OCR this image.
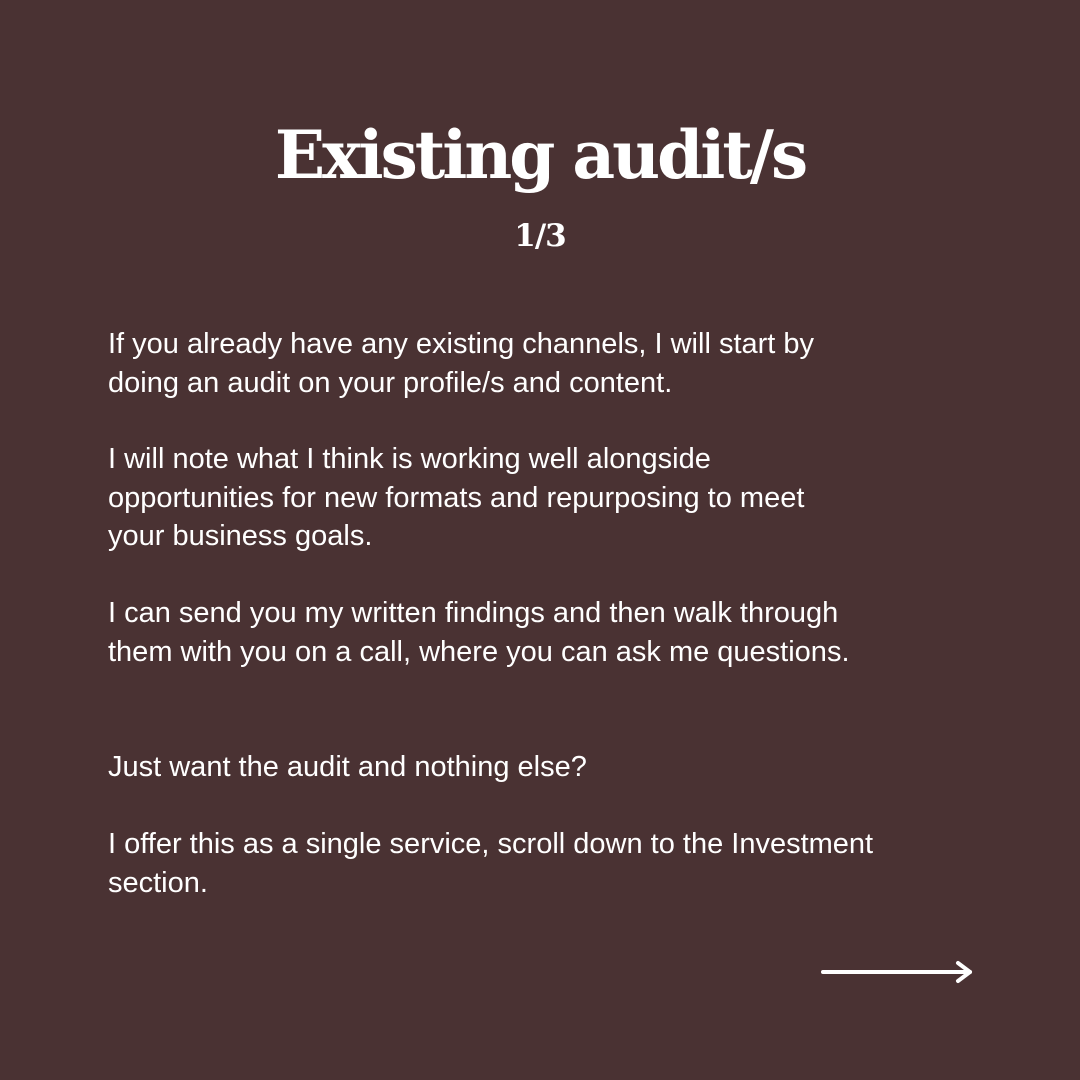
Existing audit/s
1/3

If you already have any existing channels, I will start by
doing an audit on your profile/s and content.

I will note what I think is working well alongside
opportunities for new formats and repurposing to meet
your business goals.

I can send you my written findings and then walk through
them with you on a call, where you can ask me questions.

Just want the audit and nothing else?

I offer this as a single service, scroll down to the Investment
section.
